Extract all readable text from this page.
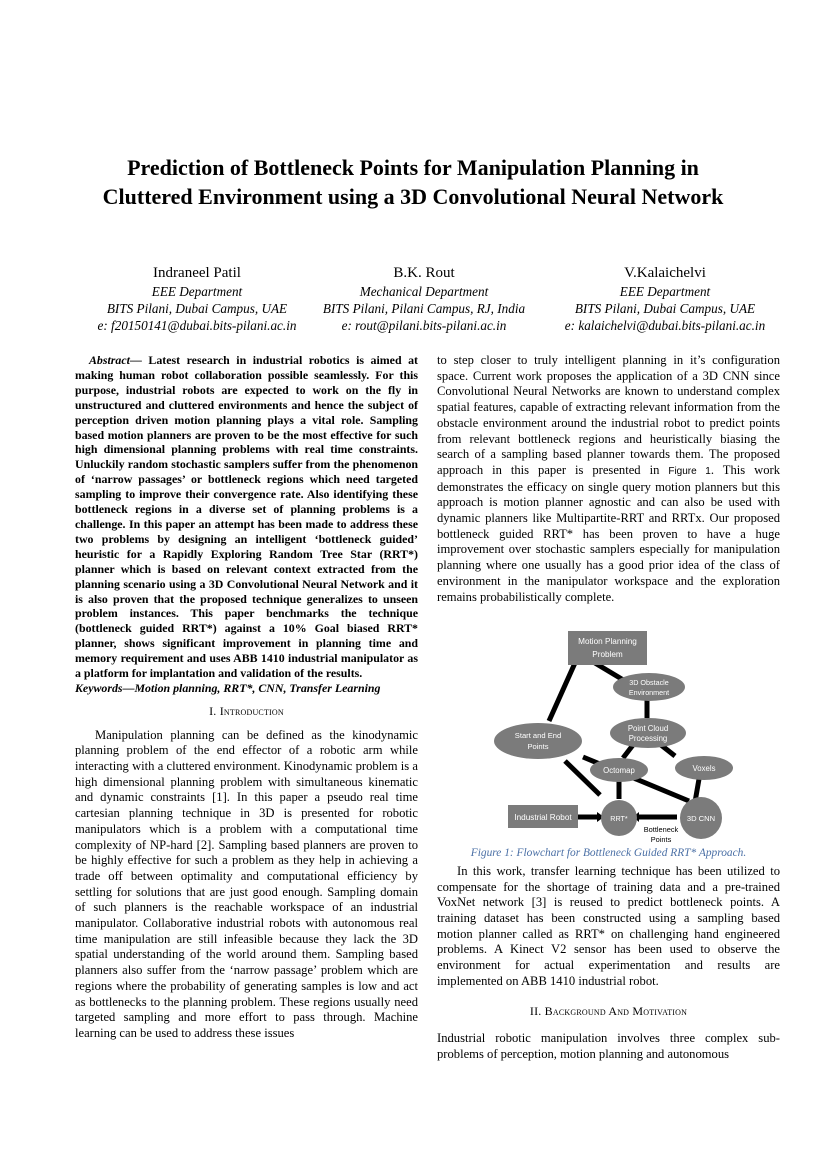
Prediction of Bottleneck Points for Manipulation Planning in Cluttered Environment using a 3D Convolutional Neural Network
Indraneel Patil
EEE Department
BITS Pilani, Dubai Campus, UAE
e: f20150141@dubai.bits-pilani.ac.in
B.K. Rout
Mechanical Department
BITS Pilani, Pilani Campus, RJ, India
e: rout@pilani.bits-pilani.ac.in
V.Kalaichelvi
EEE Department
BITS Pilani, Dubai Campus, UAE
e: kalaichelvi@dubai.bits-pilani.ac.in

Abstract— Latest research in industrial robotics is aimed at making human robot collaboration possible seamlessly. For this purpose, industrial robots are expected to work on the fly in unstructured and cluttered environments and hence the subject of perception driven motion planning plays a vital role. Sampling based motion planners are proven to be the most effective for such high dimensional planning problems with real time constraints. Unluckily random stochastic samplers suffer from the phenomenon of ‘narrow passages’ or bottleneck regions which need targeted sampling to improve their convergence rate. Also identifying these bottleneck regions in a diverse set of planning problems is a challenge. In this paper an attempt has been made to address these two problems by designing an intelligent ‘bottleneck guided’ heuristic for a Rapidly Exploring Random Tree Star (RRT*) planner which is based on relevant context extracted from the planning scenario using a 3D Convolutional Neural Network and it is also proven that the proposed technique generalizes to unseen problem instances. This paper benchmarks the technique (bottleneck guided RRT*) against a 10% Goal biased RRT* planner, shows significant improvement in planning time and memory requirement and uses ABB 1410 industrial manipulator as a platform for implantation and validation of the results.

Keywords—Motion planning, RRT*, CNN, Transfer Learning

I. Introduction

Manipulation planning can be defined as the kinodynamic planning problem of the end effector of a robotic arm while interacting with a cluttered environment. Kinodynamic problem is a high dimensional planning problem with simultaneous kinematic and dynamic constraints [1]. In this paper a pseudo real time cartesian planning technique in 3D is presented for robotic manipulators which is a problem with a computational time complexity of NP-hard [2]. Sampling based planners are proven to be highly effective for such a problem as they help in achieving a trade off between optimality and computational efficiency by settling for solutions that are just good enough. Sampling domain of such planners is the reachable workspace of an industrial manipulator. Collaborative industrial robots with autonomous real time manipulation are still infeasible because they lack the 3D spatial understanding of the world around them. Sampling based planners also suffer from the ‘narrow passage’ problem which are regions where the probability of generating samples is low and act as bottlenecks to the planning problem. These regions usually need targeted sampling and more effort to pass through. Machine learning can be used to address these issues

to step closer to truly intelligent planning in it’s configuration space. Current work proposes the application of a 3D CNN since Convolutional Neural Networks are known to understand complex spatial features, capable of extracting relevant information from the obstacle environment around the industrial robot to predict points from relevant bottleneck regions and heuristically biasing the search of a sampling based planner towards them. The proposed approach in this paper is presented in Figure 1. This work demonstrates the efficacy on single query motion planners but this approach is motion planner agnostic and can also be used with dynamic planners like Multipartite-RRT and RRTx. Our proposed bottleneck guided RRT* has been proven to have a huge improvement over stochastic samplers especially for manipulation planning where one usually has a good prior idea of the class of environment in the manipulator workspace and the exploration remains probabilistically complete.

Motion Planning
Problem
3D Obstacle
Environment
Point Cloud
Processing
Start and End
Points
Octomap	Voxels
Industrial Robot	RRT*	3D CNN
Bottleneck
Points
Figure 1: Flowchart for Bottleneck Guided RRT* Approach.

In this work, transfer learning technique has been utilized to compensate for the shortage of training data and a pre-trained VoxNet network [3] is reused to predict bottleneck points. A training dataset has been constructed using a sampling based motion planner called as RRT* on challenging hand engineered problems. A Kinect V2 sensor has been used to observe the environment for actual experimentation and results are implemented on ABB 1410 industrial robot.

II. Background And Motivation

Industrial robotic manipulation involves three complex sub-problems of perception, motion planning and autonomous
